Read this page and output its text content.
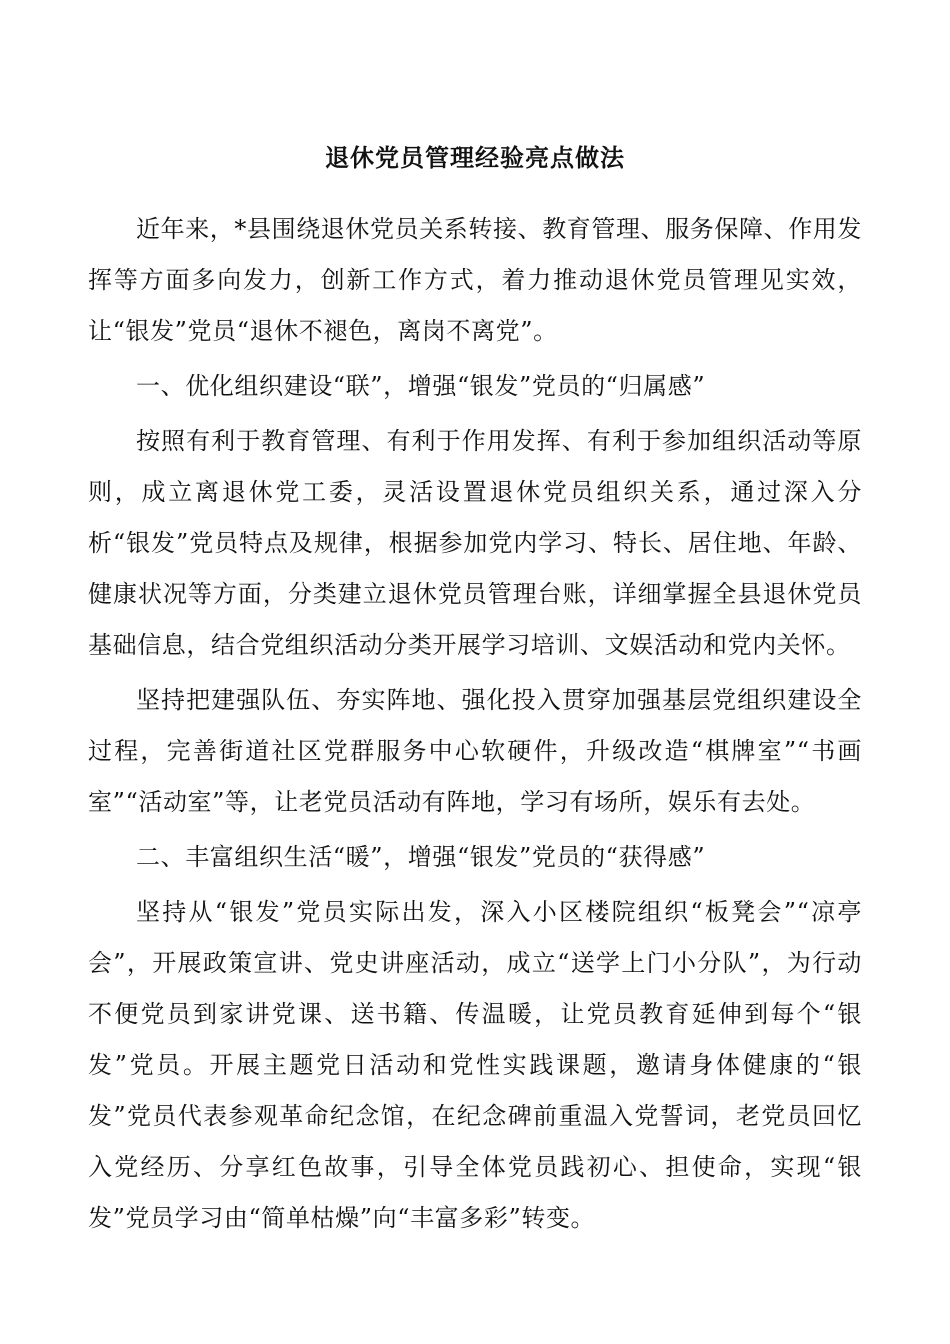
退休党员管理经验亮点做法

近年来，*县围绕退休党员关系转接、教育管理、服务保障、作用发挥等方面多向发力，创新工作方式，着力推动退休党员管理见实效，让“银发”党员“退休不褪色，离岗不离党”。

一、优化组织建设“联”，增强“银发”党员的“归属感”

按照有利于教育管理、有利于作用发挥、有利于参加组织活动等原则，成立离退休党工委，灵活设置退休党员组织关系，通过深入分析“银发”党员特点及规律，根据参加党内学习、特长、居住地、年龄、健康状况等方面，分类建立退休党员管理台账，详细掌握全县退休党员基础信息，结合党组织活动分类开展学习培训、文娱活动和党内关怀。

坚持把建强队伍、夯实阵地、强化投入贯穿加强基层党组织建设全过程，完善街道社区党群服务中心软硬件，升级改造“棋牌室”“书画室”“活动室”等，让老党员活动有阵地，学习有场所，娱乐有去处。

二、丰富组织生活“暖”，增强“银发”党员的“获得感”

坚持从“银发”党员实际出发，深入小区楼院组织“板凳会”“凉亭会”，开展政策宣讲、党史讲座活动，成立“送学上门小分队”，为行动不便党员到家讲党课、送书籍、传温暖，让党员教育延伸到每个“银发”党员。开展主题党日活动和党性实践课题，邀请身体健康的“银发”党员代表参观革命纪念馆，在纪念碑前重温入党誓词，老党员回忆入党经历、分享红色故事，引导全体党员践初心、担使命，实现“银发”党员学习由“简单枯燥”向“丰富多彩”转变。
